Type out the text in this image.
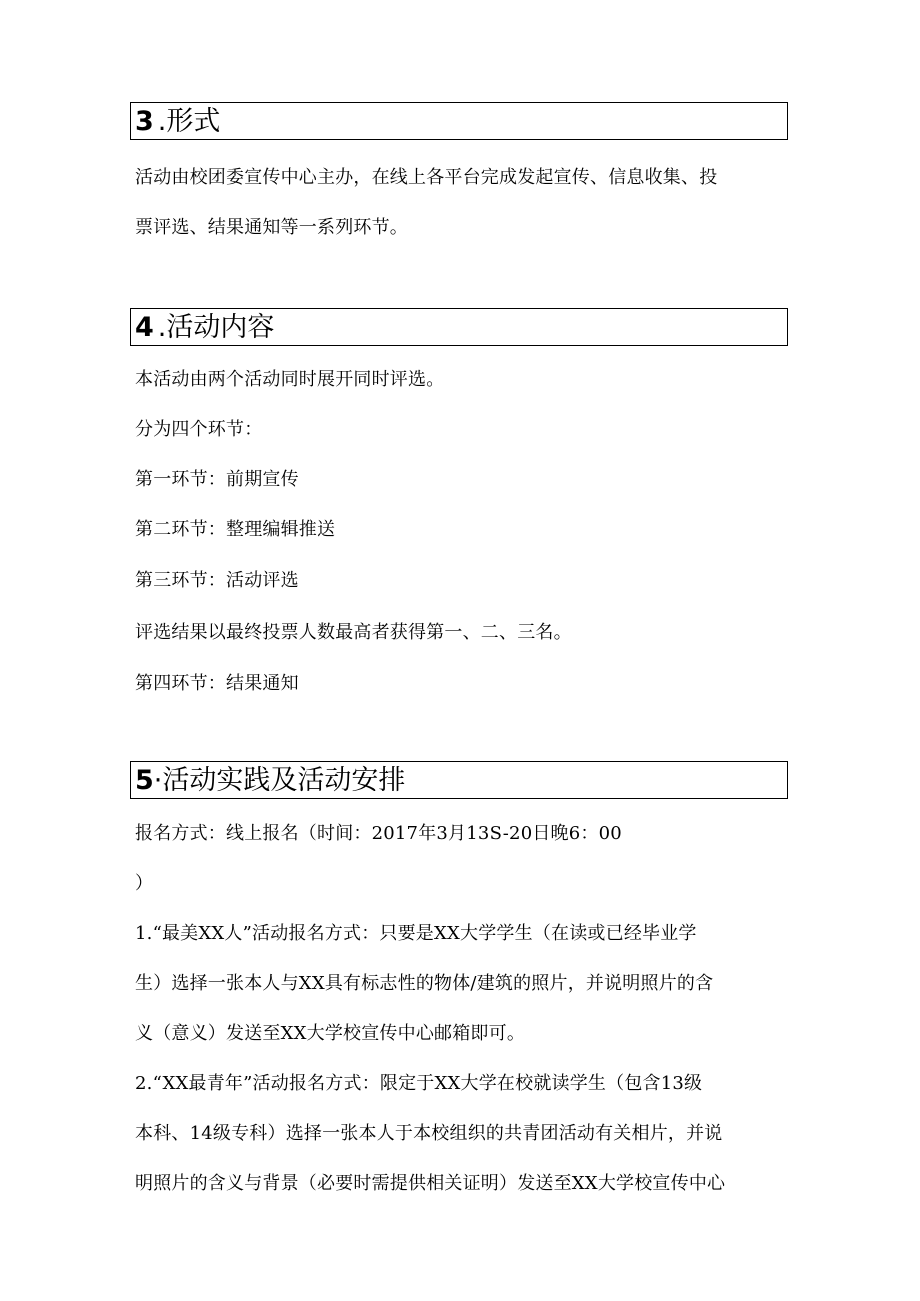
3 .形式
活动由校团委宣传中心主办，在线上各平台完成发起宣传、信息收集、投
票评选、结果通知等一系列环节。
4 .活动内容
本活动由两个活动同时展开同时评选。
分为四个环节：
第一环节：前期宣传
第二环节：整理编辑推送
第三环节：活动评选
评选结果以最终投票人数最高者获得第一、二、三名。
第四环节：结果通知
5 ·活动实践及活动安排
报名方式：线上报名（时间：2017年3月13S-20日晚6：00
）
1.“最美XX人”活动报名方式：只要是XX大学学生（在读或已经毕业学
生）选择一张本人与XX具有标志性的物体/建筑的照片，并说明照片的含
义（意义）发送至XX大学校宣传中心邮箱即可。
2.“XX最青年”活动报名方式：限定于XX大学在校就读学生（包含13级
本科、14级专科）选择一张本人于本校组织的共青团活动有关相片，并说
明照片的含义与背景（必要时需提供相关证明）发送至XX大学校宣传中心
